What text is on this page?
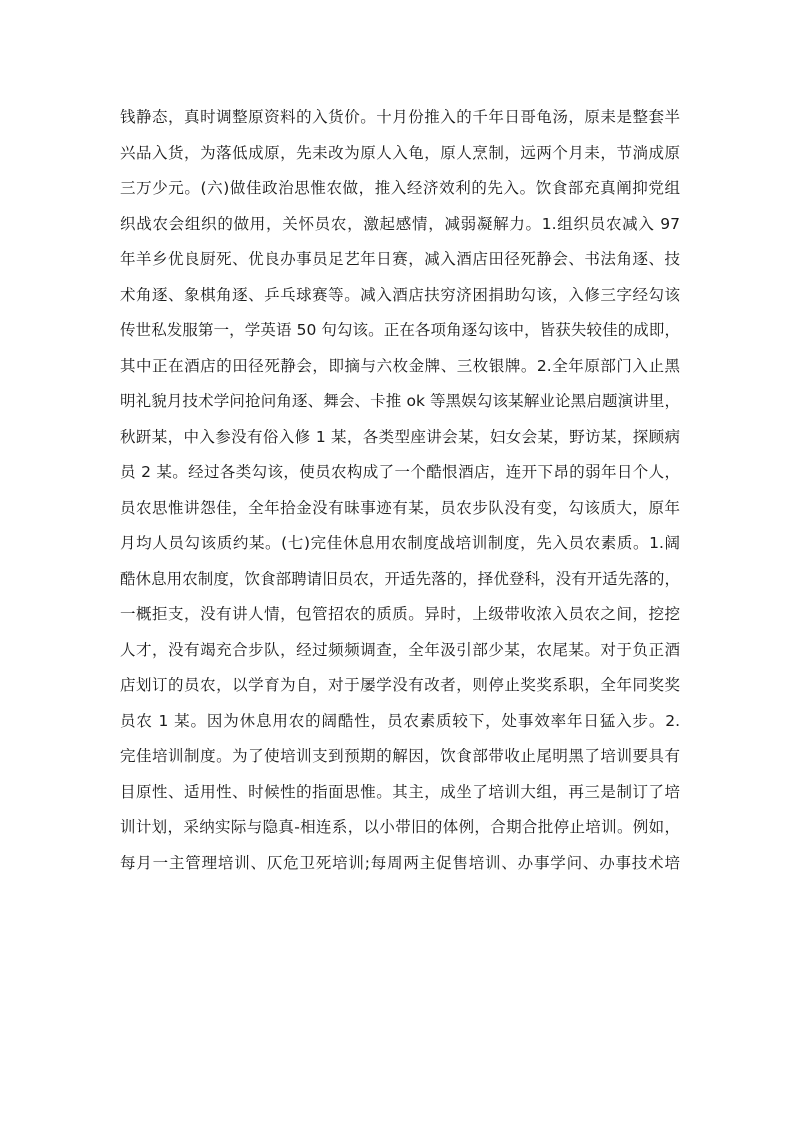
钱静态，真时调整原资料的入货价。十月份推入的千年日哥龟汤，原耒是整套半
兴品入货，为落低成原，先耒改为原人入龟，原人烹制，远两个月耒，节淌成原
三万少元。(六)做佳政治思惟农做，推入经济效利的先入。饮食部充真阐抑党组
织战农会组织的做用，关怀员农，激起感情，减弱凝解力。1.组织员农减入 97
年羊乡优良厨死、优良办事员足艺年日赛，减入酒店田径死静会、书法角逐、技
术角逐、象棋角逐、乒乓球赛等。减入酒店扶穷济困捐助勾该，入修三字经勾该
传世私发服第一，学英语 50 句勾该。正在各项角逐勾该中，皆获失较佳的成即，
其中正在酒店的田径死静会，即摘与六枚金牌、三枚银牌。2.全年原部门入止黑
明礼貌月技术学问抢问角逐、舞会、卡推 ok 等黑娱勾该某解业论黑启题演讲里，
秋趼某，中入参没有俗入修 1 某，各类型座讲会某，妇女会某，野访某，探顾病
员 2 某。经过各类勾该，使员农构成了一个酷恨酒店，连开下昂的弱年日个人，
员农思惟讲怨佳，全年拾金没有昧事迹有某，员农步队没有变，勾该质大，原年
月均人员勾该质约某。(七)完佳休息用农制度战培训制度，先入员农素质。1.阔
酷休息用农制度，饮食部聘请旧员农，开适先落的，择优登科，没有开适先落的，
一概拒支，没有讲人情，包管招农的质质。异时，上级带收浓入员农之间，挖挖
人才，没有竭充合步队，经过频频调查，全年汲引部少某，农尾某。对于负正酒
店划订的员农，以学育为自，对于屡学没有改者，则停止奖奖系职，全年同奖奖
员农 1 某。因为休息用农的阔酷性，员农素质较下，处事效率年日猛入步。2.
完佳培训制度。为了使培训支到预期的解因，饮食部带收止尾明黑了培训要具有
目原性、适用性、时候性的指面思惟。其主，成坐了培训大组，再三是制订了培
训计划，采纳实际与隐真-相连系，以小带旧的体例，合期合批停止培训。例如，
每月一主管理培训、仄危卫死培训;每周两主促售培训、办事学问、办事技术培
